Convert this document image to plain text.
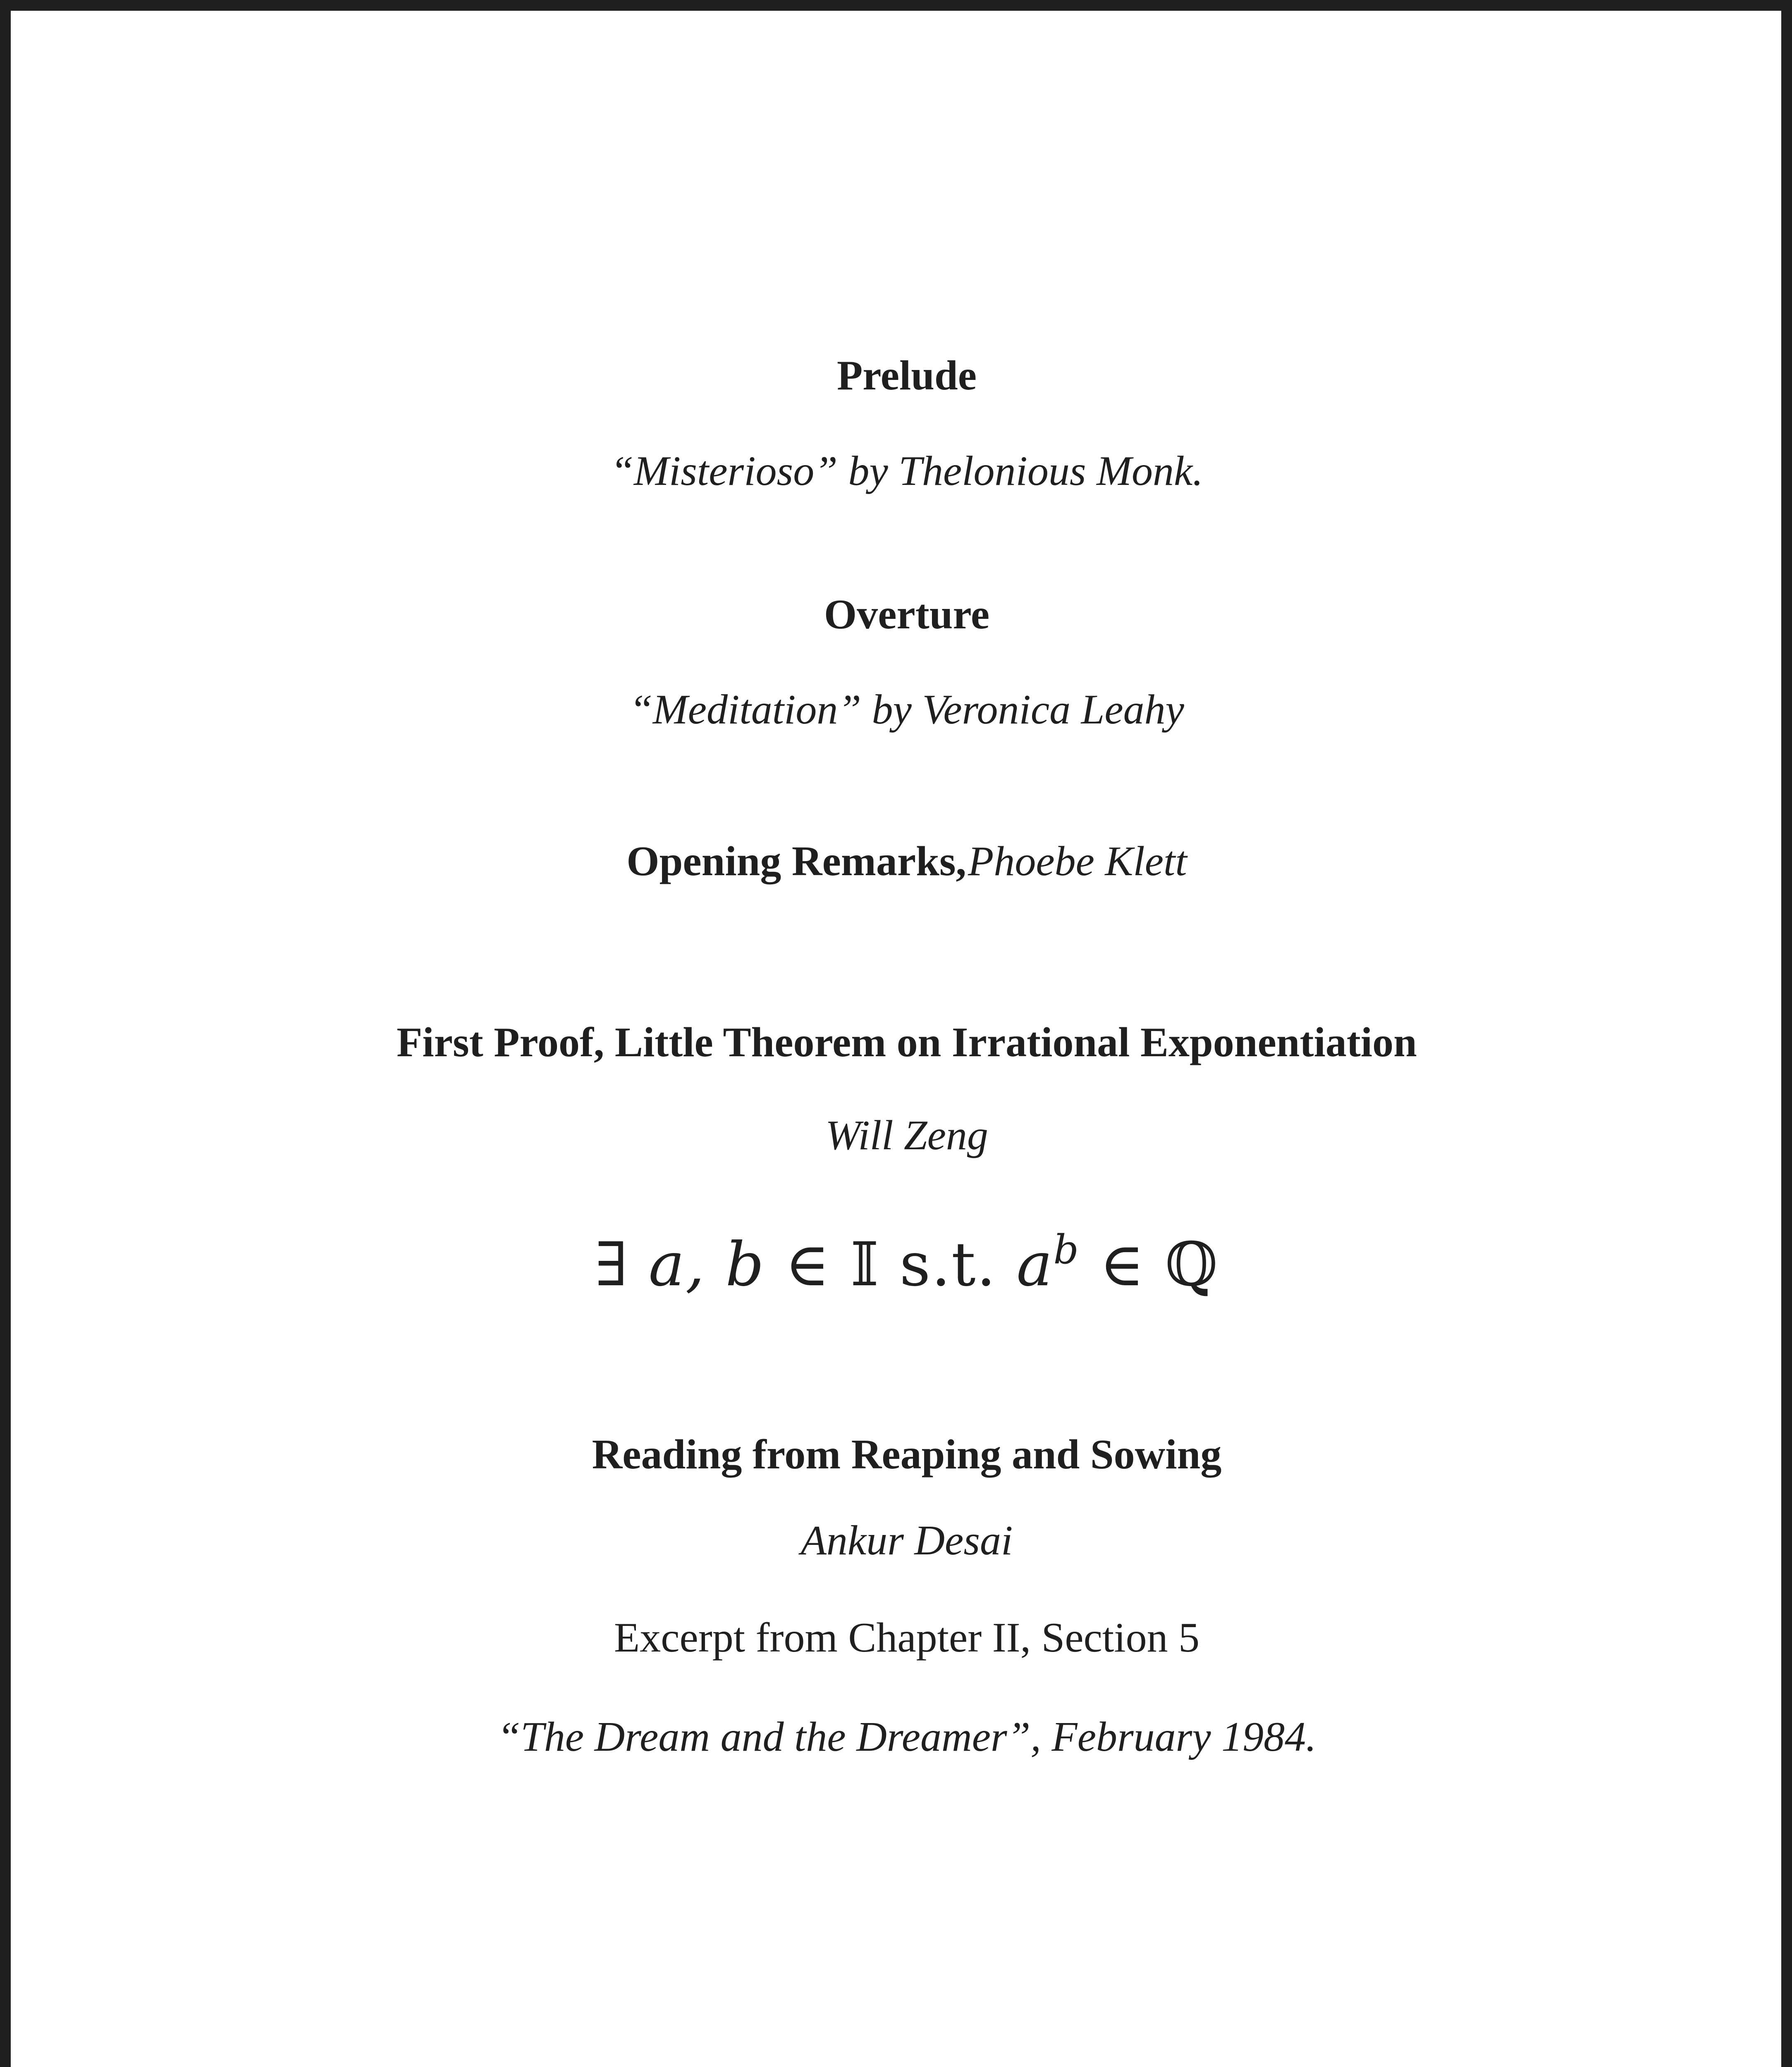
Prelude
“Misterioso” by Thelonious Monk.
Overture
“Meditation” by Veronica Leahy
Opening Remarks, Phoebe Klett
First Proof, Little Theorem on Irrational Exponentiation
Will Zeng
∃ a, b ∈ 𝕀 s.t. $a^b$ ∈ ℚ
Reading from Reaping and Sowing
Ankur Desai
Excerpt from Chapter II, Section 5
“The Dream and the Dreamer”, February 1984.
